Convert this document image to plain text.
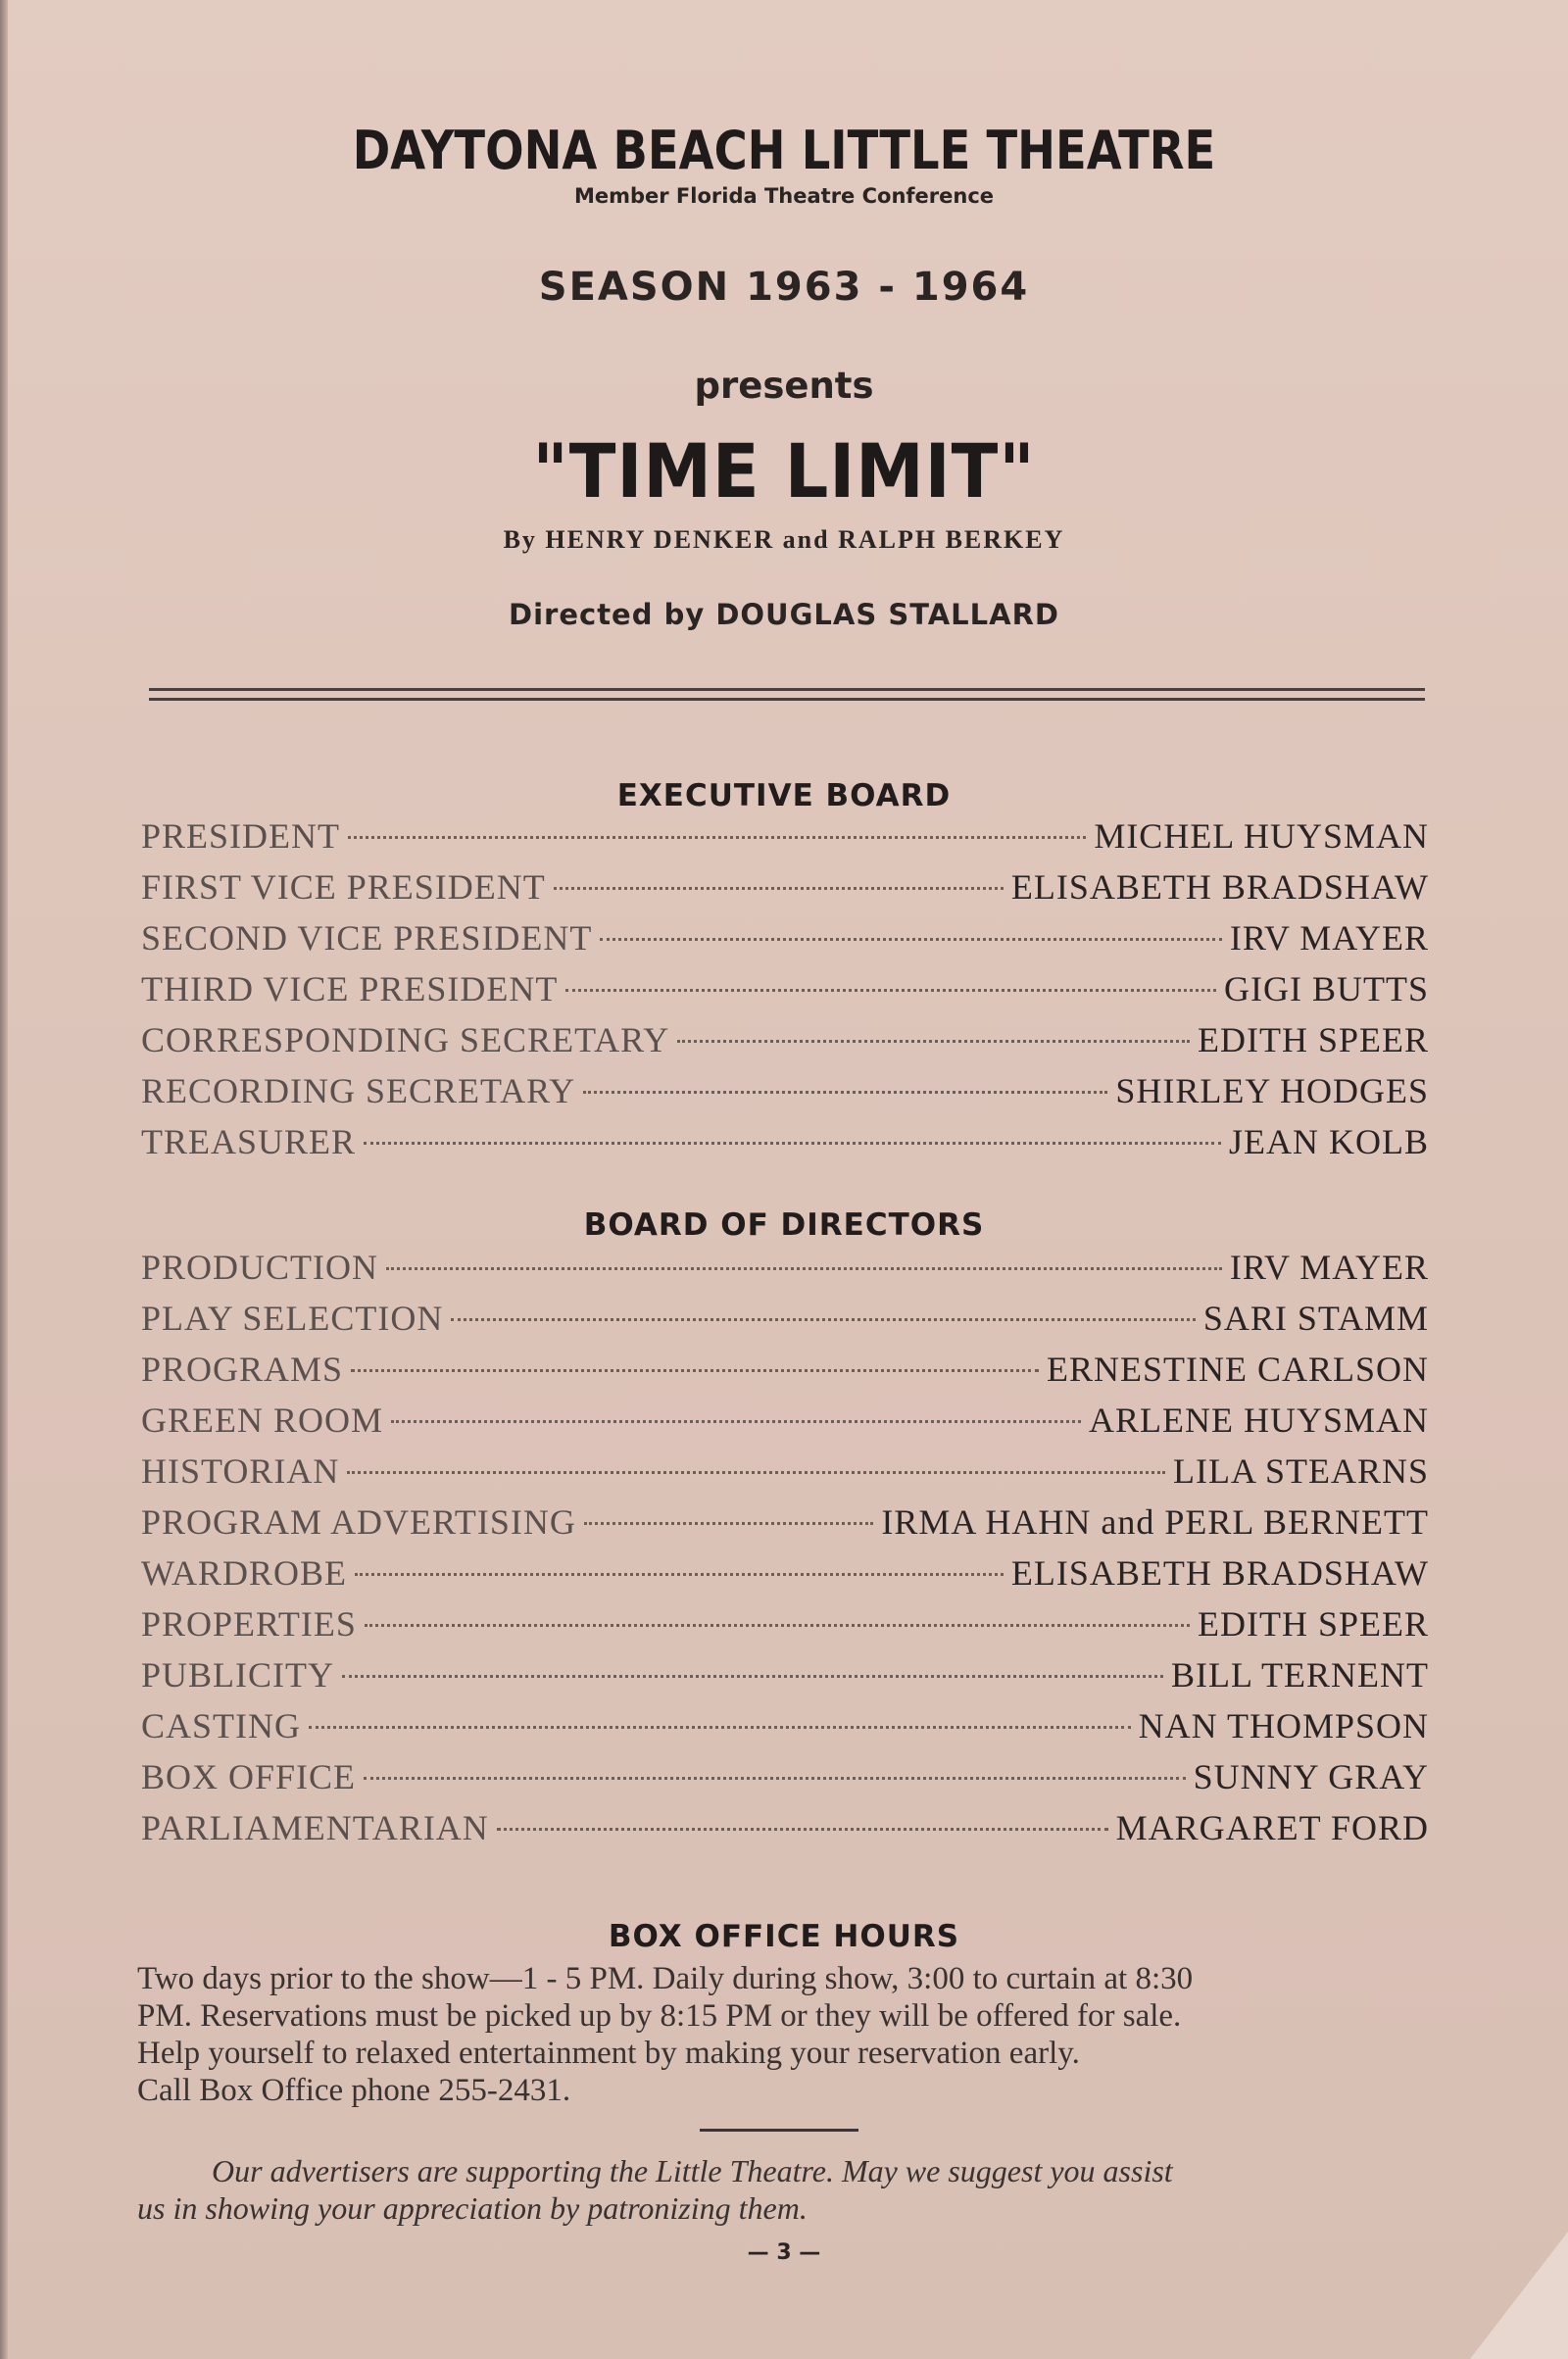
DAYTONA BEACH LITTLE THEATRE
Member Florida Theatre Conference
SEASON 1963 - 1964
presents
"TIME LIMIT"
By HENRY DENKER and RALPH BERKEY
Directed by DOUGLAS STALLARD
EXECUTIVE BOARD
PRESIDENT	MICHEL HUYSMAN
FIRST VICE PRESIDENT	ELISABETH BRADSHAW
SECOND VICE PRESIDENT	IRV MAYER
THIRD VICE PRESIDENT	GIGI BUTTS
CORRESPONDING SECRETARY	EDITH SPEER
RECORDING SECRETARY	SHIRLEY HODGES
TREASURER	JEAN KOLB
BOARD OF DIRECTORS
PRODUCTION	IRV MAYER
PLAY SELECTION	SARI STAMM
PROGRAMS	ERNESTINE CARLSON
GREEN ROOM	ARLENE HUYSMAN
HISTORIAN	LILA STEARNS
PROGRAM ADVERTISING	IRMA HAHN and PERL BERNETT
WARDROBE	ELISABETH BRADSHAW
PROPERTIES	EDITH SPEER
PUBLICITY	BILL TERNENT
CASTING	NAN THOMPSON
BOX OFFICE	SUNNY GRAY
PARLIAMENTARIAN	MARGARET FORD
BOX OFFICE HOURS
Two days prior to the show—1 - 5 PM. Daily during show, 3:00 to curtain at 8:30
PM. Reservations must be picked up by 8:15 PM or they will be offered for sale.
Help yourself to relaxed entertainment by making your reservation early.
Call Box Office phone 255-2431.
Our advertisers are supporting the Little Theatre. May we suggest you assist
us in showing your appreciation by patronizing them.
— 3 —
